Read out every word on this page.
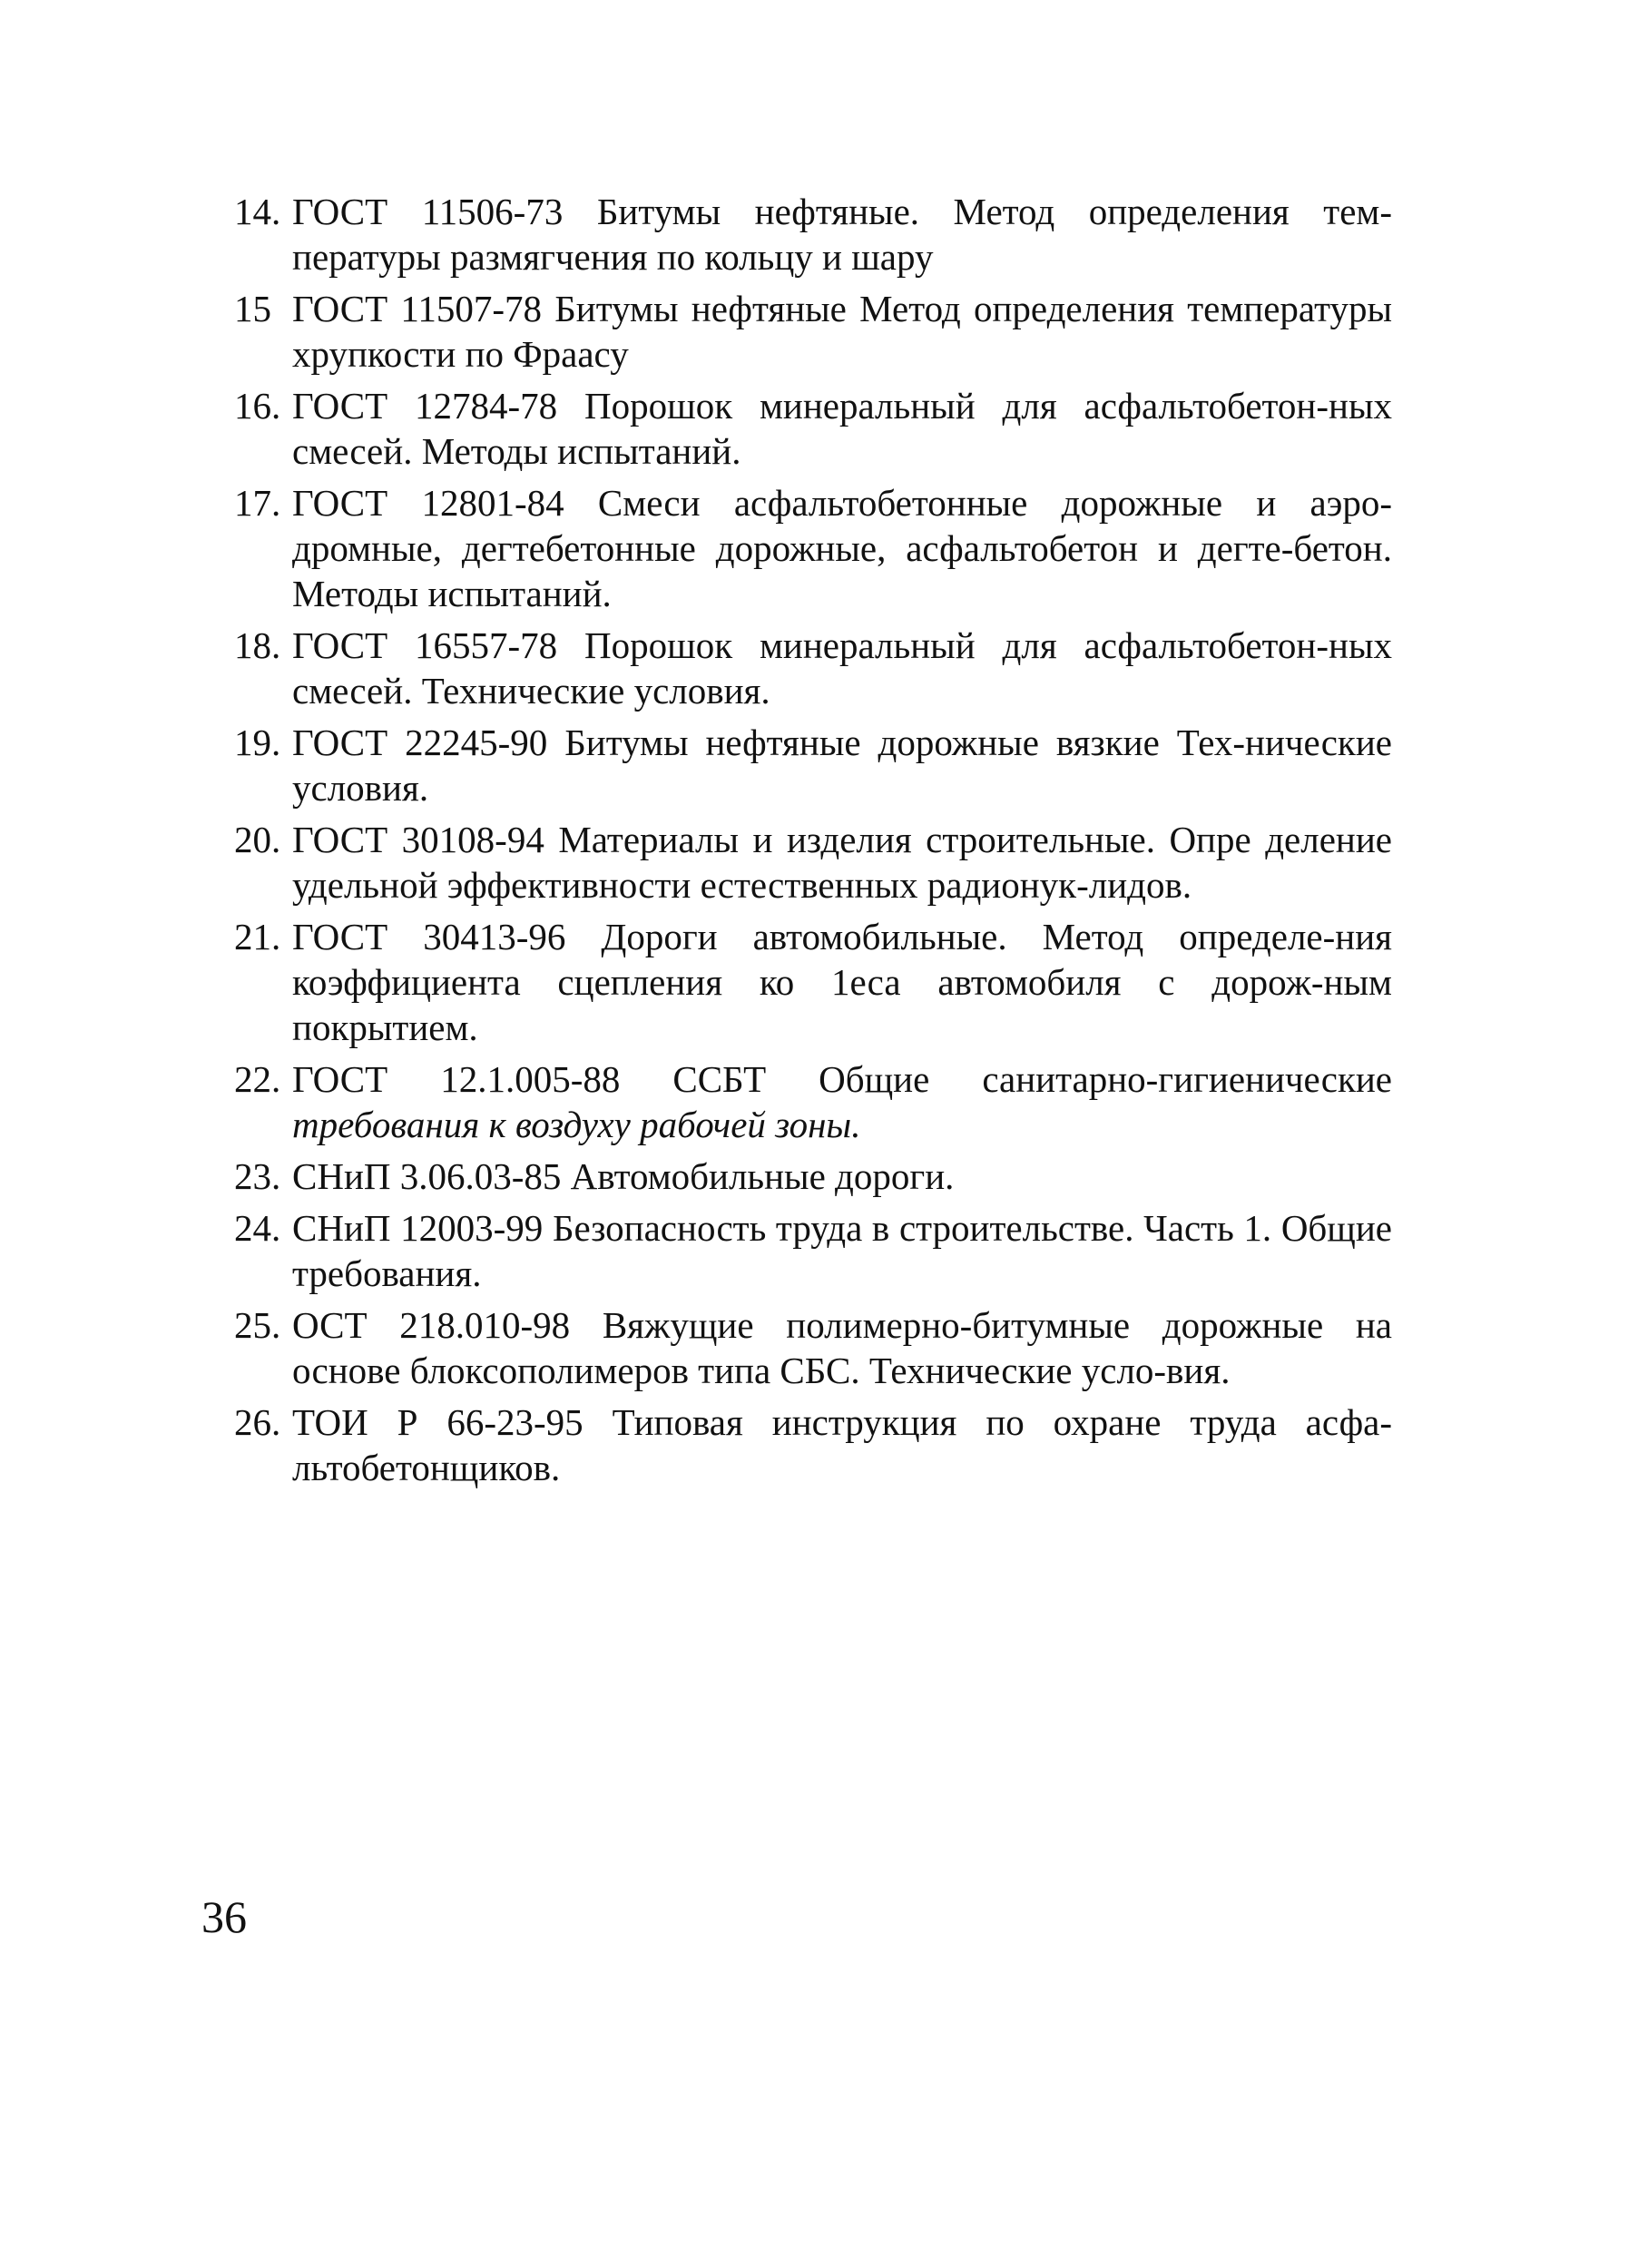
14. ГОСТ 11506-73 Битумы нефтяные. Метод определения тем-пературы размягчения по кольцу и шару
15 ГОСТ 11507-78 Битумы нефтяные Метод определения температуры хрупкости по Фраасу
16. ГОСТ 12784-78 Порошок минеральный для асфальтобетон-ных смесей. Методы испытаний.
17. ГОСТ 12801-84 Смеси асфальтобетонные дорожные и аэро-дромные, дегтебетонные дорожные, асфальтобетон и дегте-бетон. Методы испытаний.
18. ГОСТ 16557-78 Порошок минеральный для асфальтобетон-ных смесей. Технические условия.
19. ГОСТ 22245-90 Битумы нефтяные дорожные вязкие Тех-нические условия.
20. ГОСТ 30108-94 Материалы и изделия строительные. Опре деление удельной эффективности естественных радионук-лидов.
21. ГОСТ 30413-96 Дороги автомобильные. Метод определе-ния коэффициента сцепления ко 1еса автомобиля с дорож-ным покрытием.
22. ГОСТ 12.1.005-88 ССБТ Общие санитарно-гигиенические требования к воздуху рабочей зоны.
23. СНиП 3.06.03-85 Автомобильные дороги.
24. СНиП 12003-99 Безопасность труда в строительстве. Часть 1. Общие требования.
25. ОСТ 218.010-98 Вяжущие полимерно-битумные дорожные на основе блоксополимеров типа СБС. Технические усло-вия.
26. ТОИ Р 66-23-95 Типовая инструкция по охране труда асфа-льтобетонщиков.
36
